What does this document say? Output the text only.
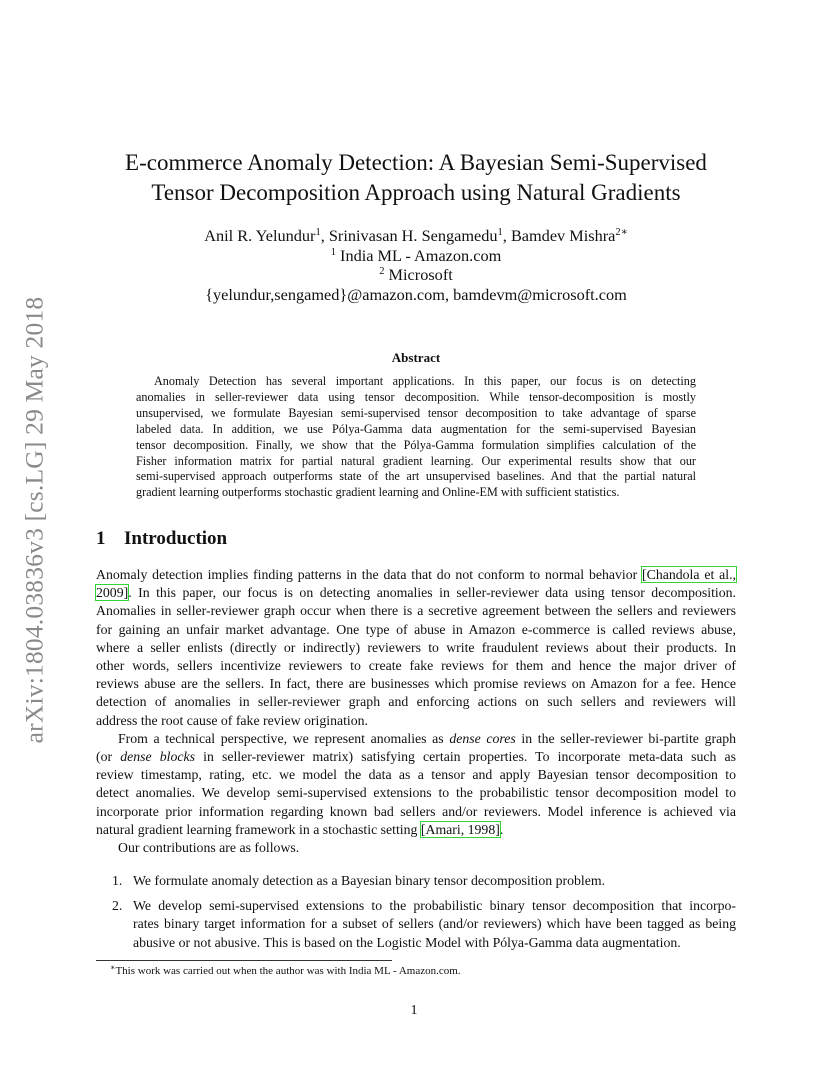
arXiv:1804.03836v3 [cs.LG] 29 May 2018
E-commerce Anomaly Detection: A Bayesian Semi-Supervised
Tensor Decomposition Approach using Natural Gradients
Anil R. Yelundur$^1$, Srinivasan H. Sengamedu$^1$, Bamdev Mishra$^{2∗}$
$^1$ India ML - Amazon.com
$^2$ Microsoft
{yelundur,sengamed}@amazon.com, bamdevm@microsoft.com
Abstract
Anomaly Detection has several important applications. In this paper, our focus is on detecting
anomalies in seller-reviewer data using tensor decomposition. While tensor-decomposition is mostly
unsupervised, we formulate Bayesian semi-supervised tensor decomposition to take advantage of sparse
labeled data. In addition, we use Pólya-Gamma data augmentation for the semi-supervised Bayesian
tensor decomposition. Finally, we show that the Pólya-Gamma formulation simplifies calculation of the
Fisher information matrix for partial natural gradient learning. Our experimental results show that our
semi-supervised approach outperforms state of the art unsupervised baselines. And that the partial natural
gradient learning outperforms stochastic gradient learning and Online-EM with sufficient statistics.
1 Introduction
Anomaly detection implies finding patterns in the data that do not conform to normal behavior [Chandola et al.,
2009]. In this paper, our focus is on detecting anomalies in seller-reviewer data using tensor decomposition.
Anomalies in seller-reviewer graph occur when there is a secretive agreement between the sellers and reviewers
for gaining an unfair market advantage. One type of abuse in Amazon e-commerce is called reviews abuse,
where a seller enlists (directly or indirectly) reviewers to write fraudulent reviews about their products. In
other words, sellers incentivize reviewers to create fake reviews for them and hence the major driver of
reviews abuse are the sellers. In fact, there are businesses which promise reviews on Amazon for a fee. Hence
detection of anomalies in seller-reviewer graph and enforcing actions on such sellers and reviewers will
address the root cause of fake review origination.
From a technical perspective, we represent anomalies as dense cores in the seller-reviewer bi-partite graph
(or dense blocks in seller-reviewer matrix) satisfying certain properties. To incorporate meta-data such as
review timestamp, rating, etc. we model the data as a tensor and apply Bayesian tensor decomposition to
detect anomalies. We develop semi-supervised extensions to the probabilistic tensor decomposition model to
incorporate prior information regarding known bad sellers and/or reviewers. Model inference is achieved via
natural gradient learning framework in a stochastic setting [Amari, 1998].
Our contributions are as follows.
1. We formulate anomaly detection as a Bayesian binary tensor decomposition problem.
2. We develop semi-supervised extensions to the probabilistic binary tensor decomposition that incorpo-
rates binary target information for a subset of sellers (and/or reviewers) which have been tagged as being
abusive or not abusive. This is based on the Logistic Model with Pólya-Gamma data augmentation.
∗This work was carried out when the author was with India ML - Amazon.com.
1
